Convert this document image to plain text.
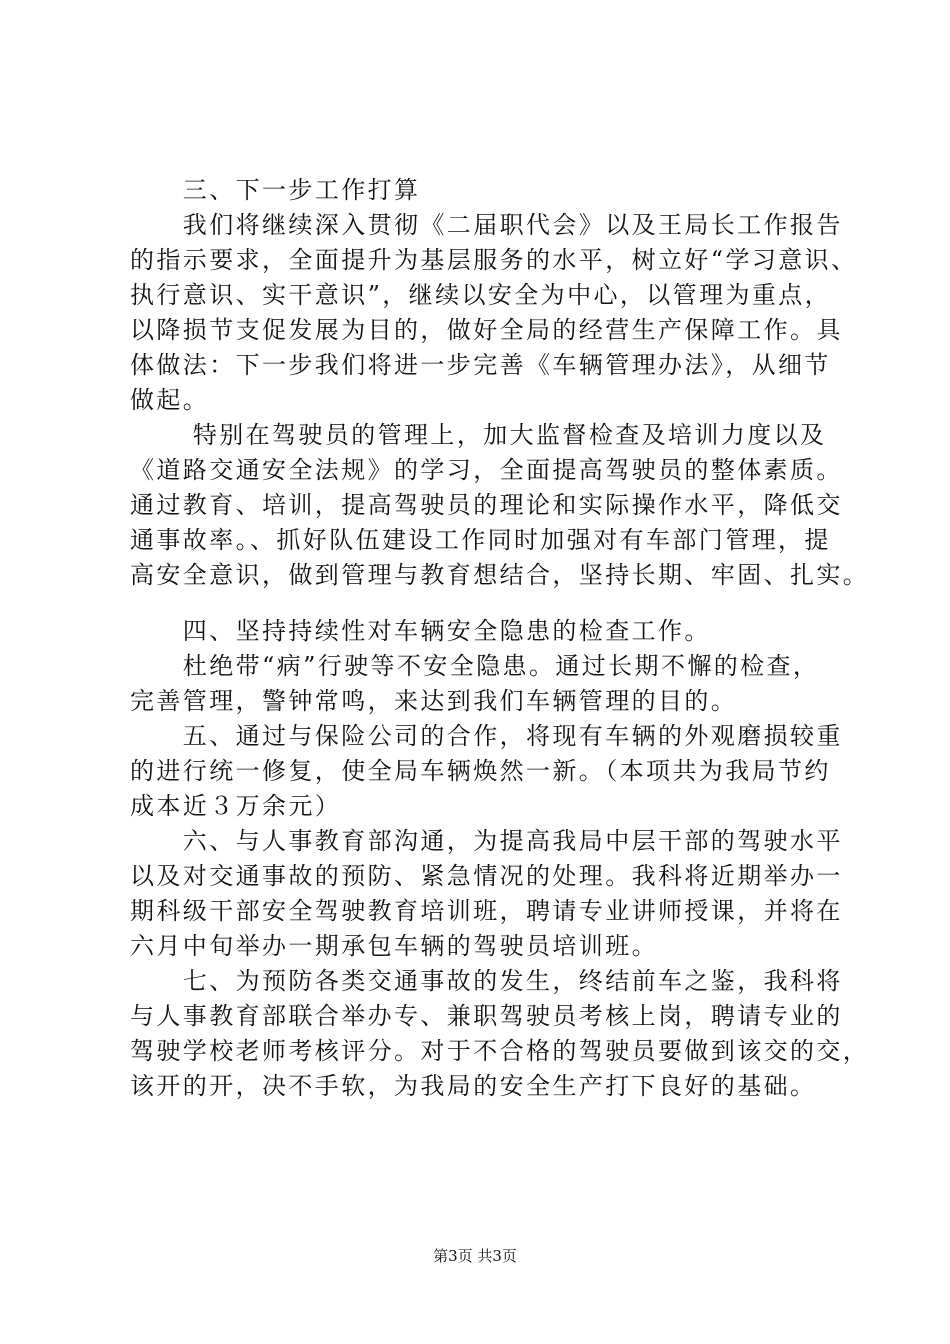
　　三、下一步工作打算
　　我们将继续深入贯彻《二届职代会》以及王局长工作报告
的指示要求，全面提升为基层服务的水平，树立好“学习意识、
执行意识、实干意识”，继续以安全为中心，以管理为重点，
以降损节支促发展为目的，做好全局的经营生产保障工作。具
体做法：下一步我们将进一步完善《车辆管理办法》，从细节
做起。
　　 特别在驾驶员的管理上，加大监督检查及培训力度以及
《道路交通安全法规》的学习，全面提高驾驶员的整体素质。
通过教育、培训，提高驾驶员的理论和实际操作水平，降低交
通事故率。、抓好队伍建设工作同时加强对有车部门管理，提
高安全意识，做到管理与教育想结合，坚持长期、牢固、扎实。
　　四、坚持持续性对车辆安全隐患的检查工作。
　　杜绝带“病”行驶等不安全隐患。通过长期不懈的检查，
完善管理，警钟常鸣，来达到我们车辆管理的目的。
　　五、通过与保险公司的合作，将现有车辆的外观磨损较重
的进行统一修复，使全局车辆焕然一新。（本项共为我局节约
成本近３万余元）
　　六、与人事教育部沟通，为提高我局中层干部的驾驶水平
以及对交通事故的预防、紧急情况的处理。我科将近期举办一
期科级干部安全驾驶教育培训班，聘请专业讲师授课，并将在
六月中旬举办一期承包车辆的驾驶员培训班。
　　七、为预防各类交通事故的发生，终结前车之鉴，我科将
与人事教育部联合举办专、兼职驾驶员考核上岗，聘请专业的
驾驶学校老师考核评分。对于不合格的驾驶员要做到该交的交，
该开的开，决不手软，为我局的安全生产打下良好的基础。
第3页 共3页
